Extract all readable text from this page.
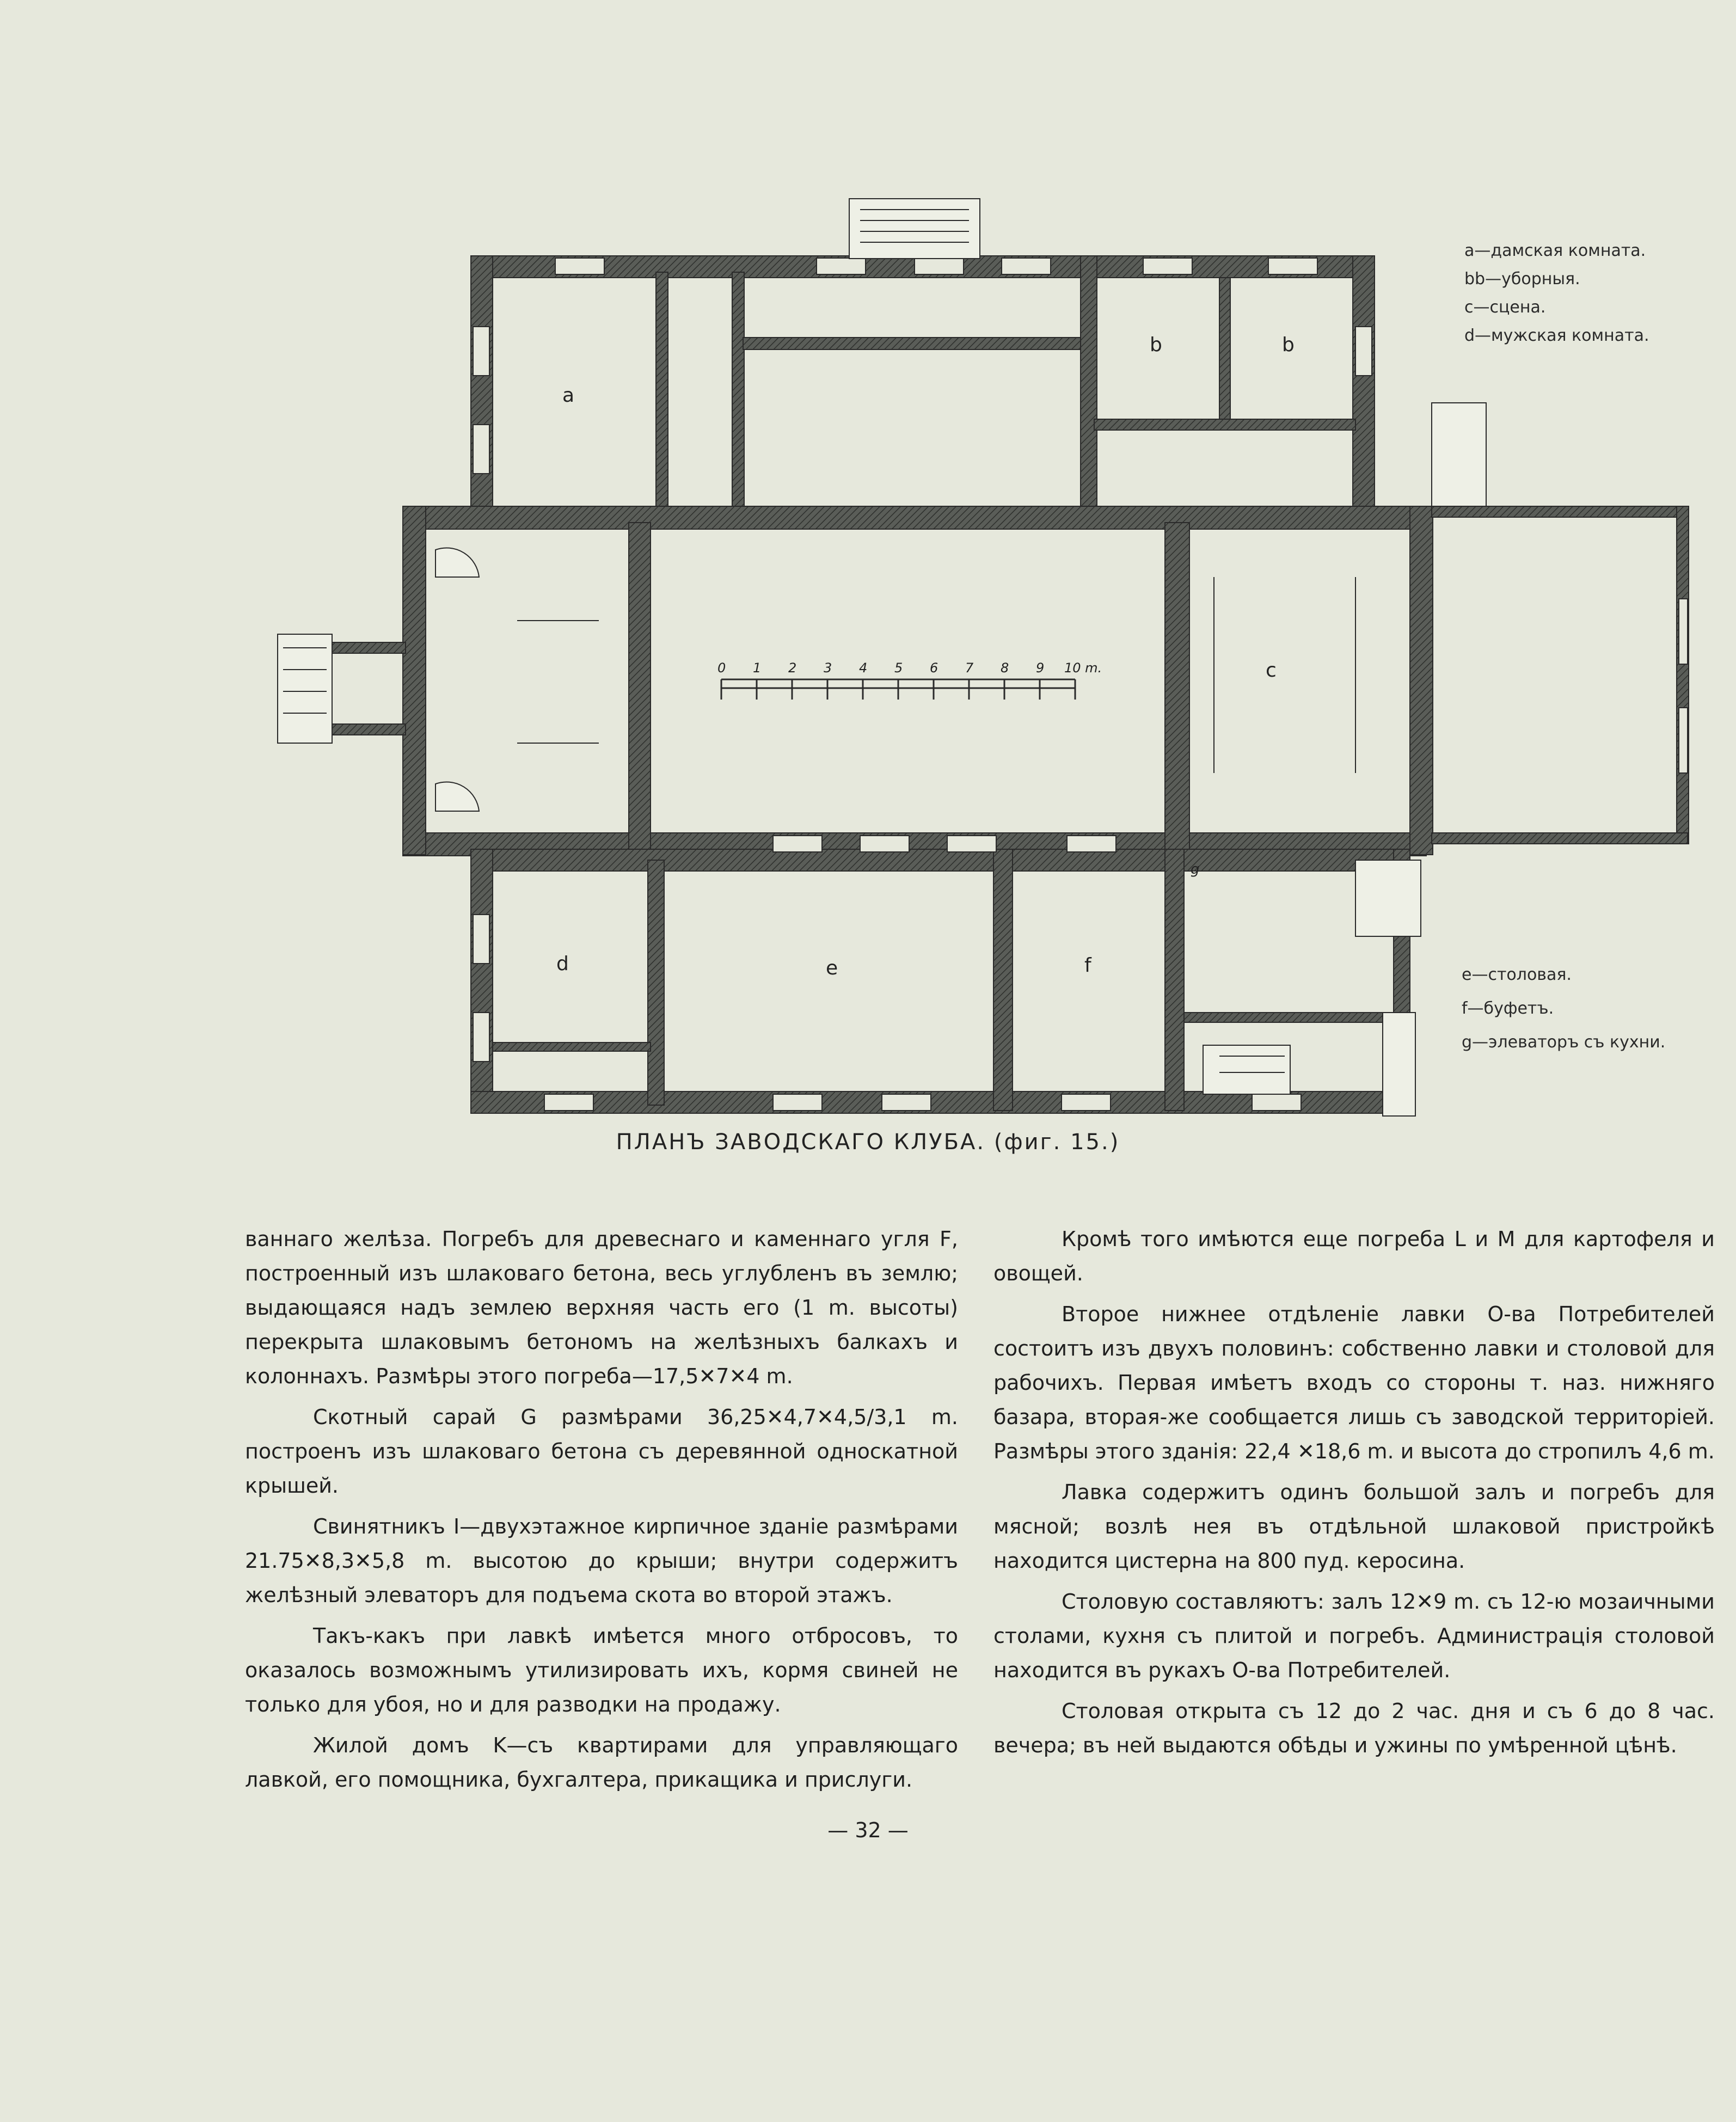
0 1 2 3 4 5 6 7 8 9 10 m.
a
b	b
c
d	e	f
g
a—дамская комната.
bb—уборныя.
c—сцена.
d—мужская комната.
e—столовая.
f—буфетъ.
g—элеваторъ съ кухни.
ПЛАНЪ ЗАВОДСКАГО КЛУБА. (фиг. 15.)

ваннаго желѣза. Погребъ для древеснаго и каменнаго угля F, построенный изъ шлаковаго бетона, весь углубленъ въ землю; выдающаяся надъ землею верхняя часть его (1 m. высоты) перекрыта шлаковымъ бетономъ на желѣзныхъ балкахъ и колоннахъ. Размѣры этого погреба—17,5✕7✕4 m.

Скотный сарай G размѣрами 36,25✕4,7✕4,5/3,1 m. построенъ изъ шлаковаго бетона съ деревянной односкатной крышей.

Свинятникъ I—двухэтажное кирпичное зданіе размѣрами 21.75✕8,3✕5,8 m. высотою до крыши; внутри содержитъ желѣзный элеваторъ для подъема скота во второй этажъ.

Такъ-какъ при лавкѣ имѣется много отбросовъ, то оказалось возможнымъ утилизировать ихъ, кормя свиней не только для убоя, но и для разводки на продажу.

Жилой домъ K—съ квартирами для управляющаго лавкой, его помощника, бухгалтера, прикащика и прислуги.

Кромѣ того имѣются еще погреба L и M для картофеля и овощей.

Второе нижнее отдѣленіе лавки О-ва Потребителей состоитъ изъ двухъ половинъ: собственно лавки и столовой для рабочихъ. Первая имѣетъ входъ со стороны т. наз. нижняго базара, вторая-же сообщается лишь съ заводской территоріей. Размѣры этого зданія: 22,4 ✕18,6 m. и высота до стропилъ 4,6 m.

Лавка содержитъ одинъ большой залъ и погребъ для мясной; возлѣ нея въ отдѣльной шлаковой пристройкѣ находится цистерна на 800 пуд. керосина.

Столовую составляютъ: залъ 12✕9 m. съ 12-ю мозаичными столами, кухня съ плитой и погребъ. Администрація столовой находится въ рукахъ О-ва Потребителей.

Столовая открыта съ 12 до 2 час. дня и съ 6 до 8 час. вечера; въ ней выдаются обѣды и ужины по умѣренной цѣнѣ.

— 32 —
